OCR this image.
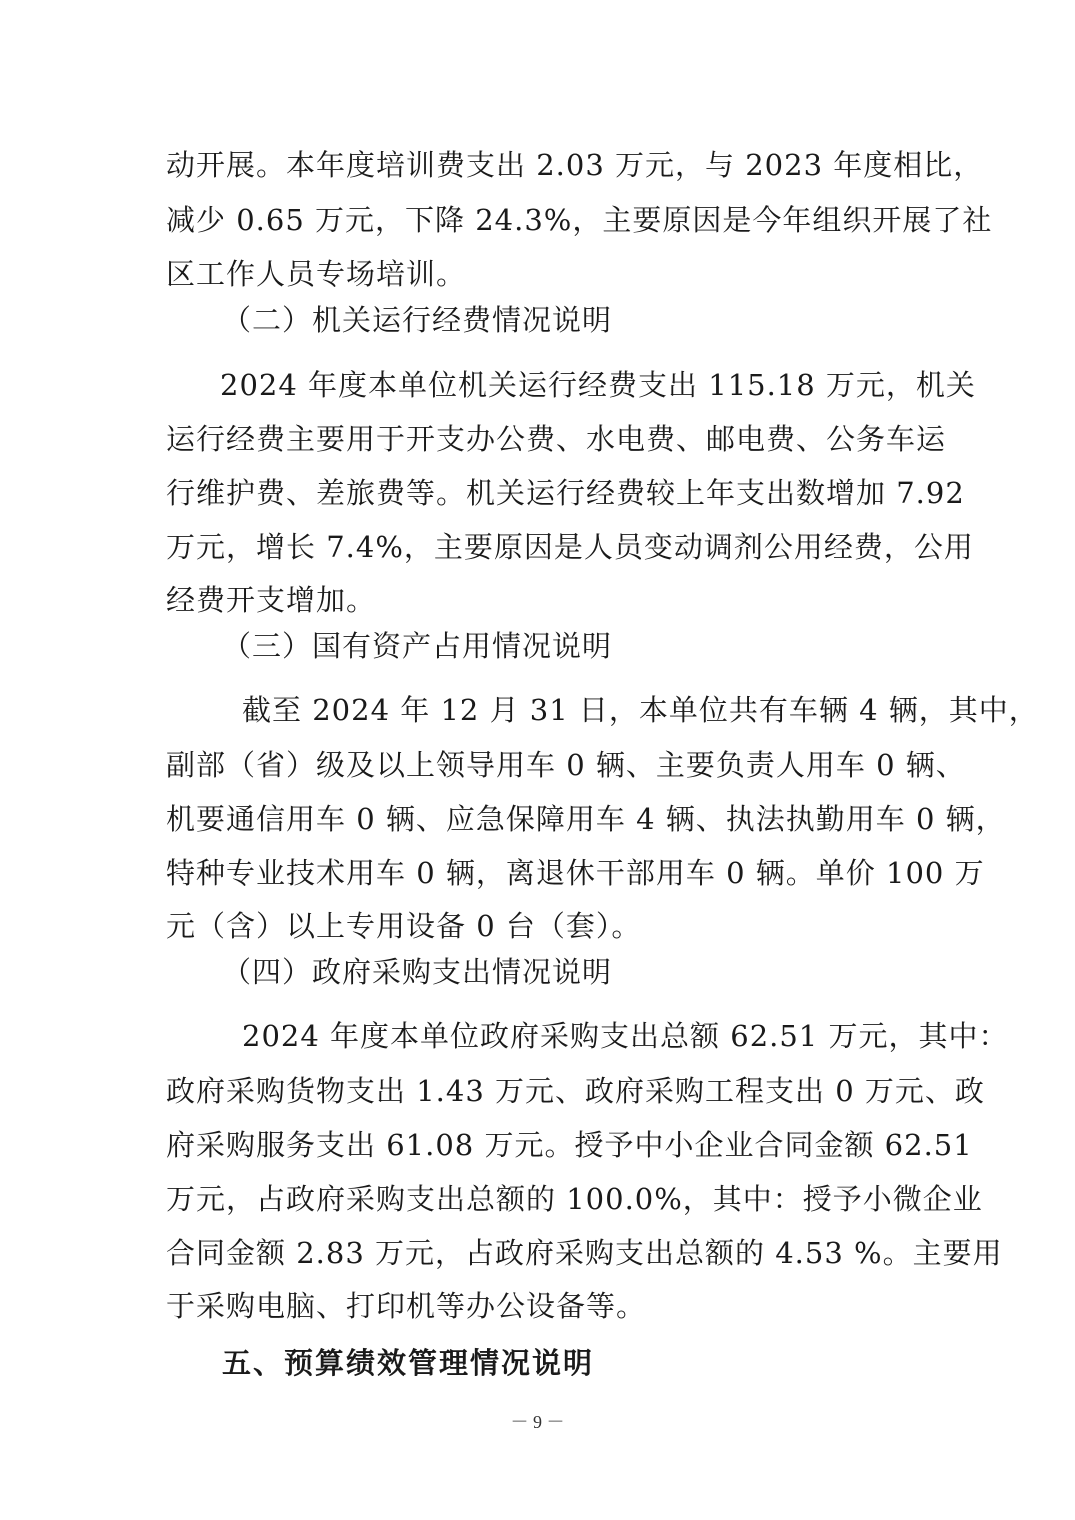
动开展。本年度培训费支出 2.03 万元，与 2023 年度相比，
减少 0.65 万元，下降 24.3%，主要原因是今年组织开展了社
区工作人员专场培训。
（二）机关运行经费情况说明
2024 年度本单位机关运行经费支出 115.18 万元，机关
运行经费主要用于开支办公费、水电费、邮电费、公务车运
行维护费、差旅费等。机关运行经费较上年支出数增加 7.92
万元，增长 7.4%，主要原因是人员变动调剂公用经费，公用
经费开支增加。
（三）国有资产占用情况说明
截至 2024 年 12 月 31 日，本单位共有车辆 4 辆，其中，
副部（省）级及以上领导用车 0 辆、主要负责人用车 0 辆、
机要通信用车 0 辆、应急保障用车 4 辆、执法执勤用车 0 辆，
特种专业技术用车 0 辆，离退休干部用车 0 辆。单价 100 万
元（含）以上专用设备 0 台（套）。
（四）政府采购支出情况说明
2024 年度本单位政府采购支出总额 62.51 万元，其中：
政府采购货物支出 1.43 万元、政府采购工程支出 0 万元、政
府采购服务支出 61.08 万元。授予中小企业合同金额 62.51
万元，占政府采购支出总额的 100.0%，其中：授予小微企业
合同金额 2.83 万元，占政府采购支出总额的 4.53 %。主要用
于采购电脑、打印机等办公设备等。
五、预算绩效管理情况说明
－ 9 －
